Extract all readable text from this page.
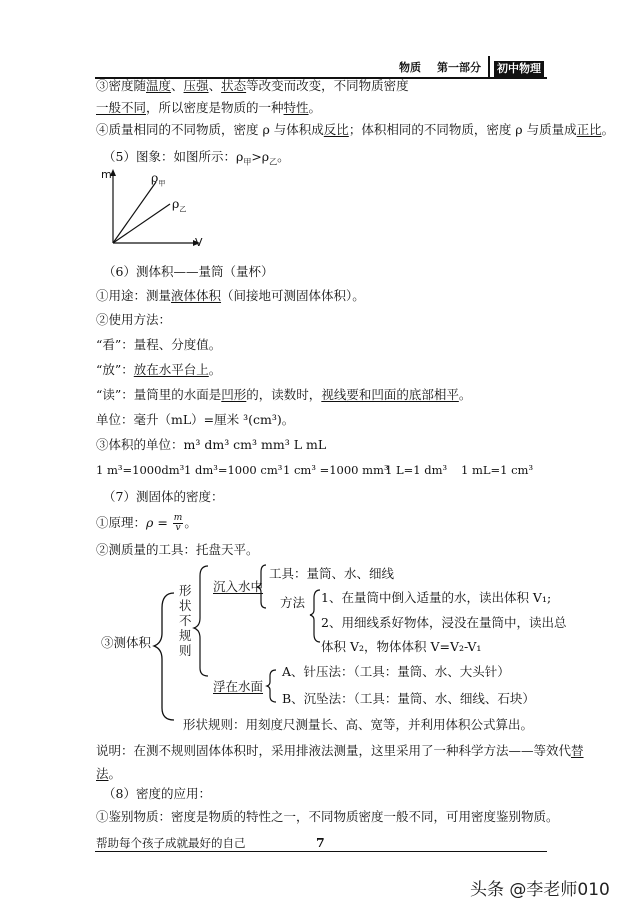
物质 第一部分 初中物理
③密度随温度、压强、状态等改变而改变，不同物质密度
一般不同，所以密度是物质的一种特性。
④质量相同的不同物质，密度 ρ 与体积成反比；体积相同的不同物质，密度 ρ 与质量成正比。
（5）图象：如图所示：$\rho_甲>\rho_乙$。
m
V
$\rho_甲$
$\rho_乙$
（6）测体积——量筒（量杯）
①用途：测量液体体积（间接地可测固体体积）。
②使用方法：
“看”：量程、分度值。
“放”：放在水平台上。
“读”：量筒里的水面是凹形的，读数时，视线要和凹面的底部相平。
单位：毫升（mL）=厘米 ³(cm³)。
③体积的单位：m³ dm³ cm³ mm³ L mL
1 m³=1000dm³ 1 dm³=1000 cm³ 1 cm³ =1000 mm³
1 L=1 dm³ 1 mL=1 cm³
（7）测固体的密度：
①原理：$\rho = \frac{m}{v}$ 。
②测质量的工具：托盘天平。
③测体积
形状不规则
沉入水中
工具：量筒、水、细线
方法 1、在量筒中倒入适量的水，读出体积 V₁;
2、用细线系好物体，浸没在量筒中，读出总
体积 V₂，物体体积 V=V₂-V₁
浮在水面
A、针压法：（工具：量筒、水、大头针）
B、沉坠法：（工具：量筒、水、细线、石块）
形状规则：用刻度尺测量长、高、宽等，并利用体积公式算出。
说明：在测不规则固体体积时，采用排液法测量，这里采用了一种科学方法——等效代替
法。
（8）密度的应用：
①鉴别物质：密度是物质的特性之一，不同物质密度一般不同，可用密度鉴别物质。
帮助每个孩子成就最好的自己	7
头条 @李老师010
